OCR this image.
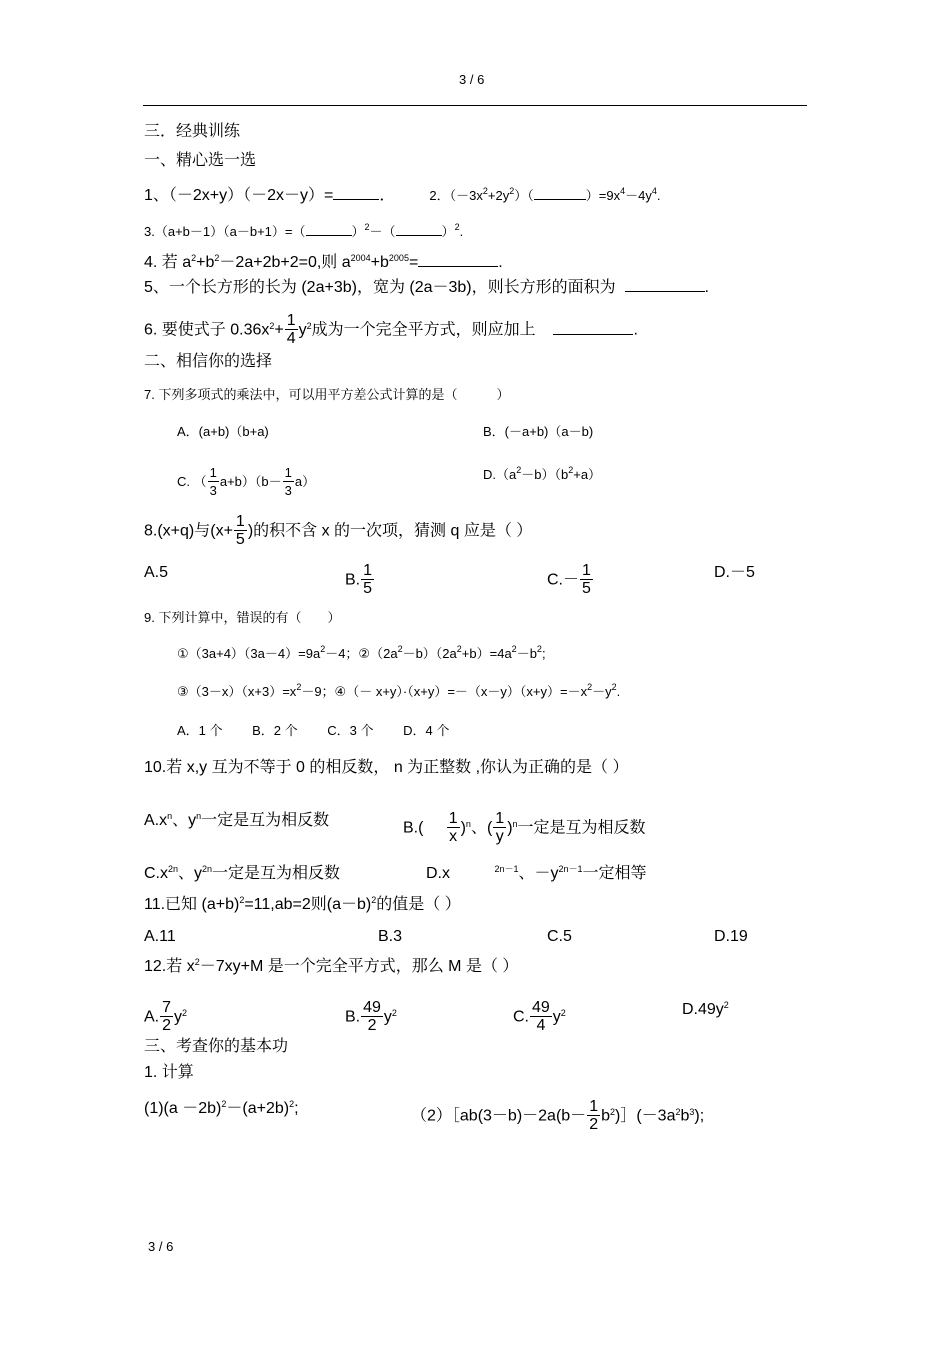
3 / 6
三．经典训练
一、精心选一选
1、（－2x+y）（－2x－y）=	．	2．$(-3x^2+2y^2)$（	）$=9x^4-4y^4$.
3.（a+b－1）（a－b+1）=（	）$^2$－（	）$^2$.
4. 若 $a^2+b^2-2a+2b+2=0$,则 $a^{2004}+b^{2005}=$	.
5、一个长方形的长为 (2a+3b)，宽为 (2a－3b)，则长方形的面积为	.
6. 要使式子 $0.36x^2+ \frac{1}{4} y^2$成为一个完全平方式，则应加上	.
二、相信你的选择
7. 下列多项式的乘法中，可以用平方差公式计算的是（　　　）
A．(a+b)（b+a)	B．(－a+b)（a－b)
C. （ $\frac{1}{3} a+b)(b- \frac{1}{3} a)$	$D.(a^2-b)(b^2+a)$
8.(x+q)与($x+ \frac{1}{5}$ )的积不含 x 的一次项，猜测 q 应是（ ）
A.5	B. $\frac{1}{5}$	$C.- \frac{1}{5}$	D.－5
9. 下列计算中，错误的有（　　）
$①(3a+4)(3a-4)=9a^2-4$；$②(2a^2-b)(2a^2+b)=4a^2-b^2$;
$③(3-x)(x+3)=x^2-9$；④（－ $x+y)\cdot(x+y)=-(x-y)(x+y)=-x^2-y^2$.
A．1 个　　 B．2 个　　 C．3 个　　 D．4 个
10.若 x,y 互为不等于 0 的相反数， n 为正整数 ,你认为正确的是（ ）
$A.x^n$、$y^n$一定是互为相反数	$B.( \frac{1}{x} )^n$、( $\frac{1}{y} )^n$一定是互为相反数
$C.x^{2n}$、$y^{2n}$一定是互为相反数	D.x	$^{2n-1}$、$-y^{2n-1}$一定相等
11.已知 $(a+b)^2=11,ab=2$则$(a-b)^2$的值是（ ）
A.11	B.3	C.5	D.19
12.若 $x^2-7xy+M$ 是一个完全平方式，那么 M 是（ ）
A. $\frac{7}{2} y^2$	B. $\frac{49}{2} y^2$	C. $\frac{49}{4} y^2$	$D.49y^2$
三、考查你的基本功
1. 计算
$(1)(a -2b)^2-(a+2b)^2$;	（2）［ab(3－b)－2a(b－ $\frac{1}{2}$ $b^2)](-3a^2b^3)$;
3 / 6
